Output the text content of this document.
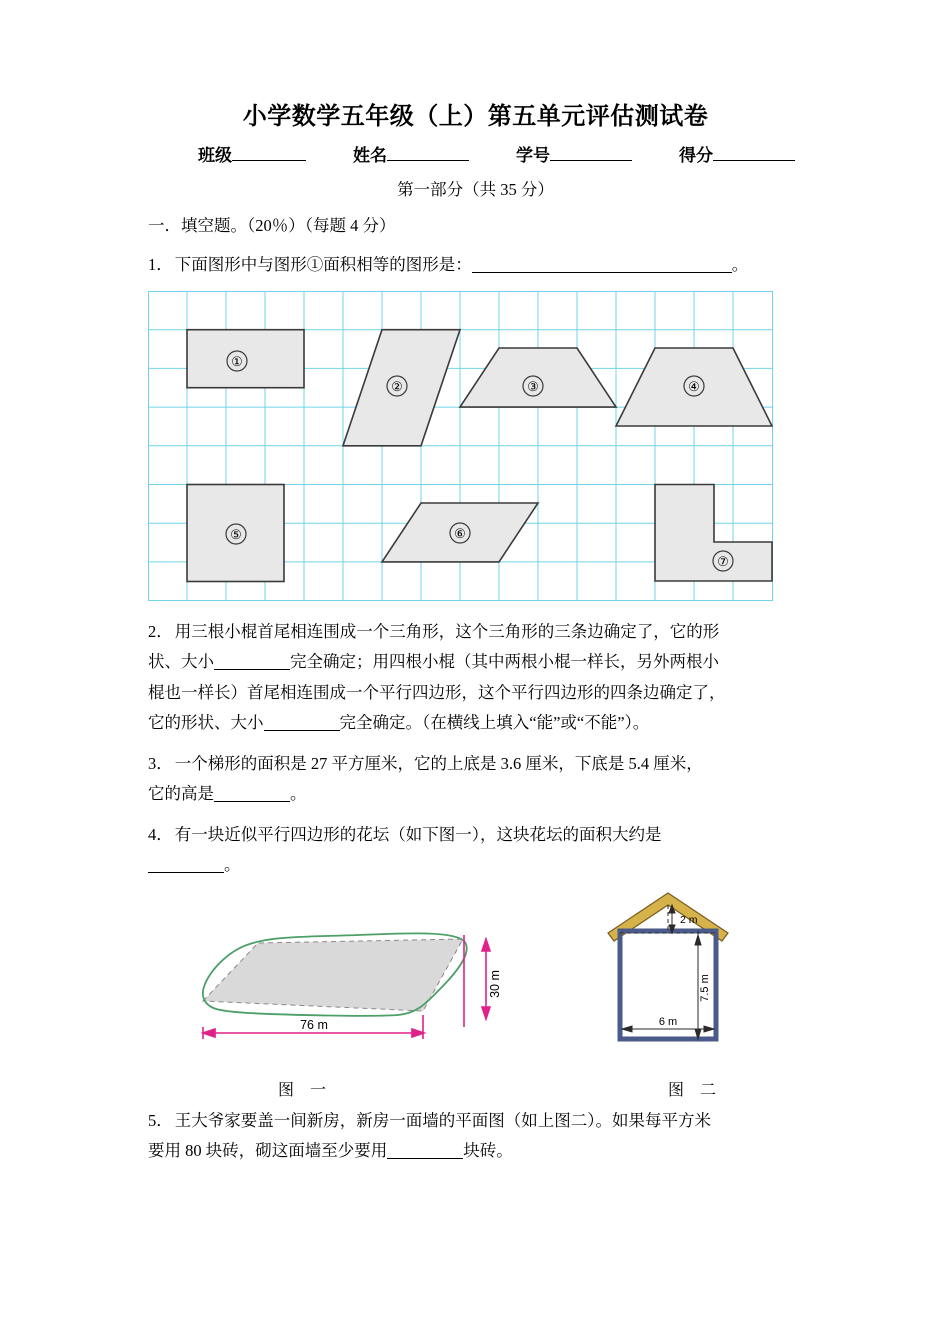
小学数学五年级（上）第五单元评估测试卷
班级	姓名	学号	得分
第一部分（共 35 分）
一．填空题。（20％）（每题 4 分）
1． 下面图形中与图形①面积相等的图形是：	。
①
②	③	④
⑤	⑥
⑦
2． 用三根小棍首尾相连围成一个三角形，这个三角形的三条边确定了，它的形
状、大小	完全确定；用四根小棍（其中两根小棍一样长，另外两根小
棍也一样长）首尾相连围成一个平行四边形，这个平行四边形的四条边确定了，
它的形状、大小	完全确定。（在横线上填入“能”或“不能”）。
3． 一个梯形的面积是 27 平方厘米，它的上底是 3.6 厘米，下底是 5.4 厘米，
它的高是	。
4． 有一块近似平行四边形的花坛（如下图一），这块花坛的面积大约是
。
30 m
76 m
2 m
7.5 m
6 m
图 一	图 二
5． 王大爷家要盖一间新房，新房一面墙的平面图（如上图二）。如果每平方米
要用 80 块砖，砌这面墙至少要用	块砖。
